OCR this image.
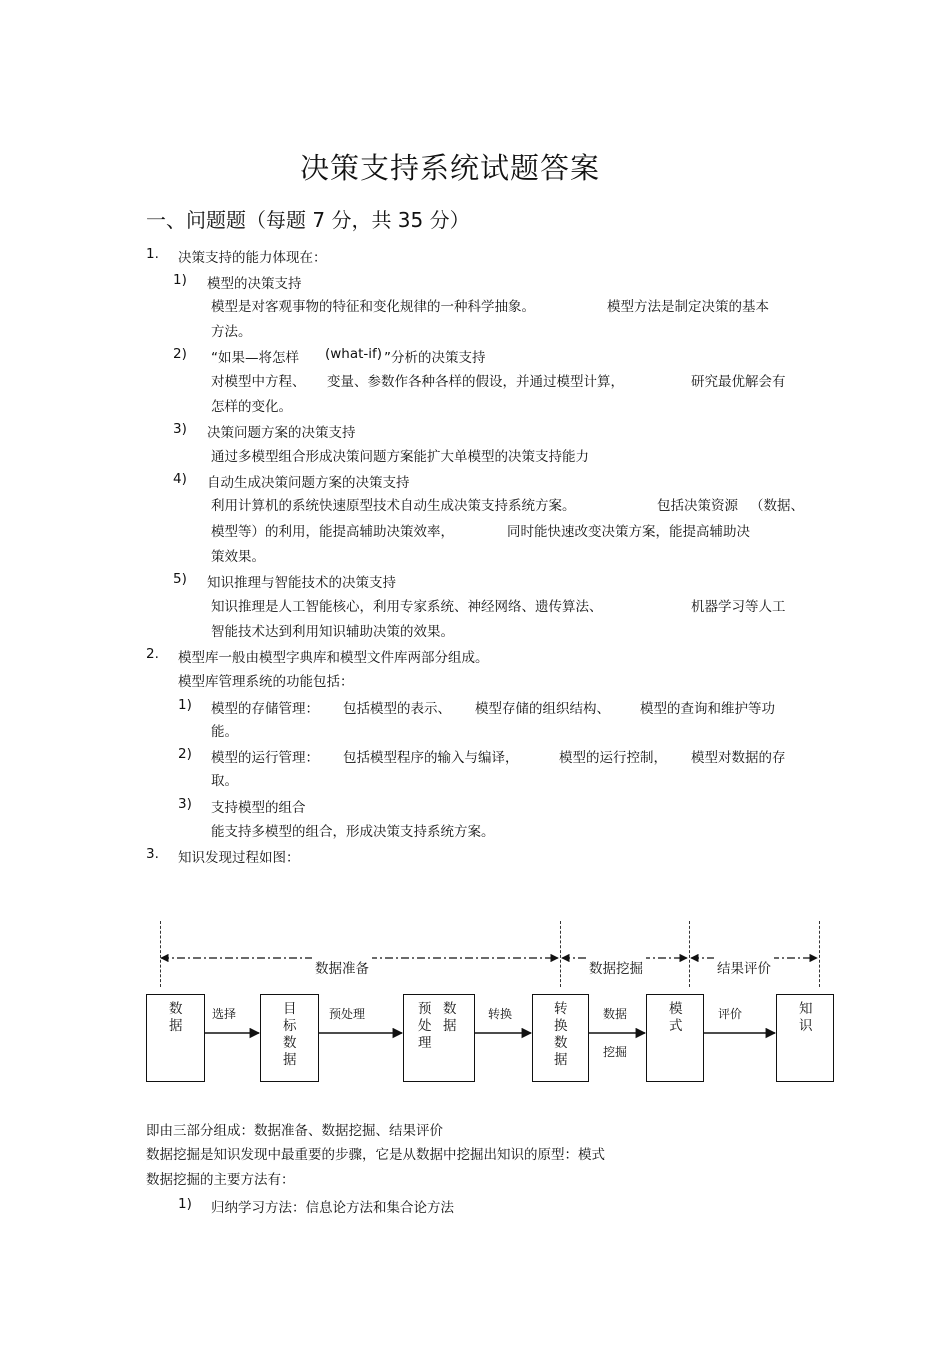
决策支持系统试题答案
一、问题题（每题 7 分，共 35 分）
1. 决策支持的能力体现在：
1) 模型的决策支持
模型是对客观事物的特征和变化规律的一种科学抽象。	模型方法是制定决策的基本
方法。
2) “如果—将怎样 (what-if) ”分析的决策支持
对模型中方程、 变量、参数作各种各样的假设，并通过模型计算，	研究最优解会有
怎样的变化。
3) 决策问题方案的决策支持
通过多模型组合形成决策问题方案能扩大单模型的决策支持能力
4) 自动生成决策问题方案的决策支持
利用计算机的系统快速原型技术自动生成决策支持系统方案。	包括决策资源 （数据、
模型等）的利用，能提高辅助决策效率，	同时能快速改变决策方案，能提高辅助决
策效果。
5) 知识推理与智能技术的决策支持
知识推理是人工智能核心，利用专家系统、神经网络、遗传算法、	机器学习等人工
智能技术达到利用知识辅助决策的效果。
2. 模型库一般由模型字典库和模型文件库两部分组成。
模型库管理系统的功能包括：
1) 模型的存储管理： 包括模型的表示、 模型存储的组织结构、 模型的查询和维护等功
能。
2) 模型的运行管理： 包括模型程序的输入与编译，	模型的运行控制， 模型对数据的存
取。
3) 支持模型的组合
能支持多模型的组合，形成决策支持系统方案。
3. 知识发现过程如图：
数据准备	数据挖掘	结果评价
数
据
目
标
数
据
预
处
理
数
据
转
换
数
据
模
式
知
识
选择	预处理	转换	数据
挖掘
评价
即由三部分组成：数据准备、数据挖掘、结果评价
数据挖掘是知识发现中最重要的步骤，它是从数据中挖掘出知识的原型：模式
数据挖掘的主要方法有：
1) 归纳学习方法：信息论方法和集合论方法
